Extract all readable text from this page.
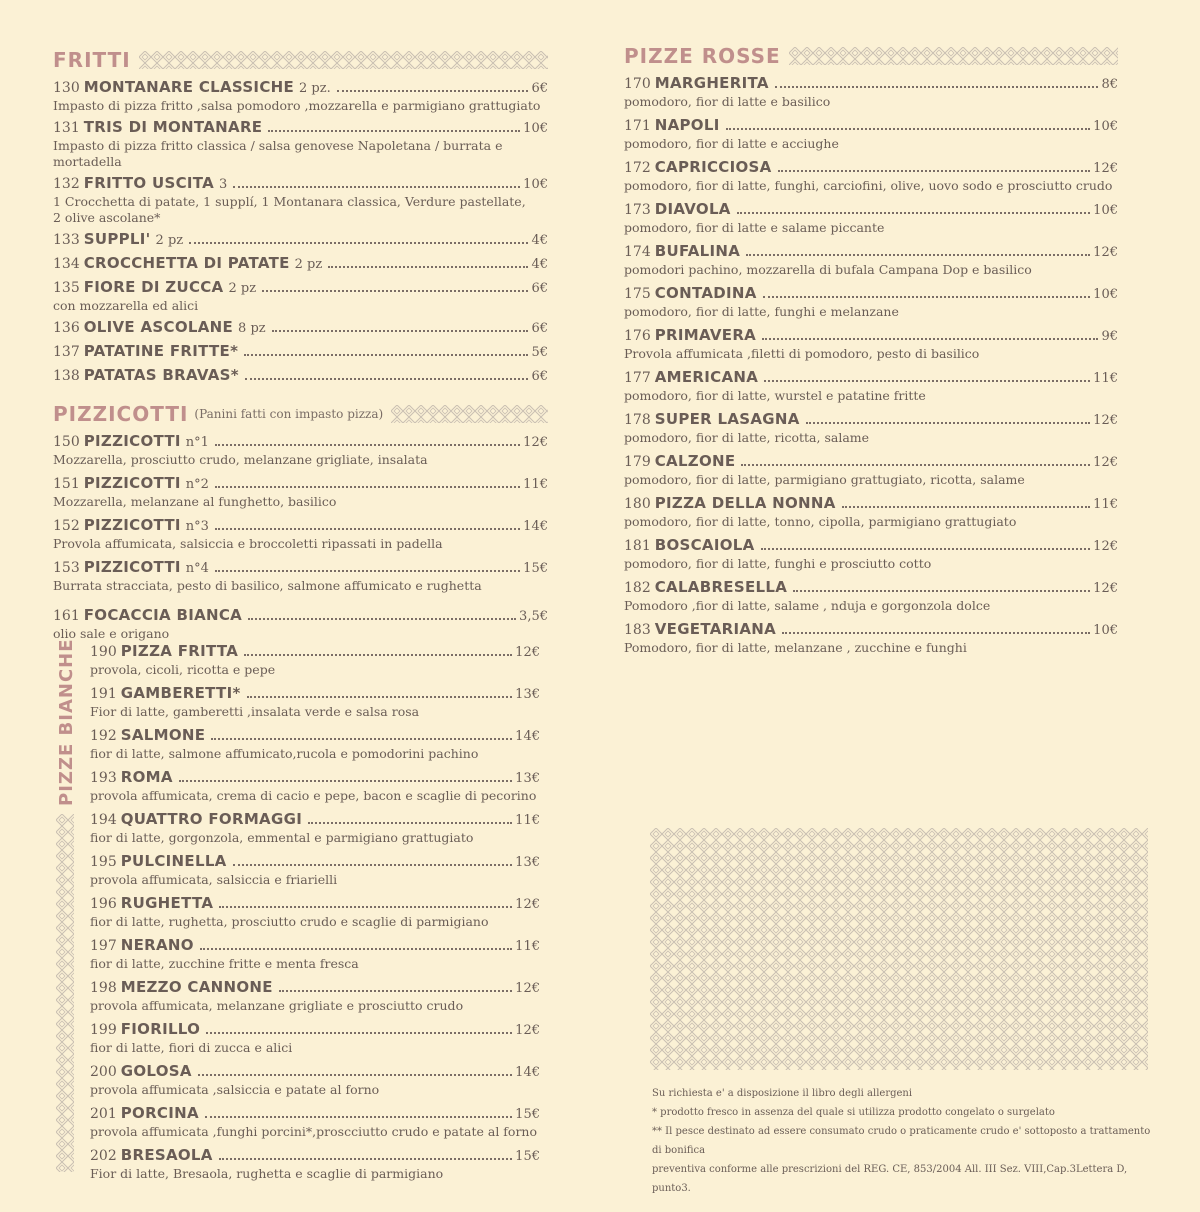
FRITTI
130 MONTANARE CLASSICHE 2 pz.	6€
Impasto di pizza fritto ,salsa pomodoro ,mozzarella e parmigiano grattugiato
131 TRIS DI MONTANARE	10€
Impasto di pizza fritto classica / salsa genovese Napoletana / burrata e mortadella
132 FRITTO USCITA 3	10€
1 Crocchetta di patate, 1 supplí, 1 Montanara classica, Verdure pastellate,
2 olive ascolane*
133 SUPPLI' 2 pz	4€
134 CROCCHETTA DI PATATE 2 pz	4€
135 FIORE DI ZUCCA 2 pz	6€
con mozzarella ed alici
136 OLIVE ASCOLANE 8 pz	6€
137 PATATINE FRITTE*	5€
138 PATATAS BRAVAS*	6€
PIZZICOTTI (Panini fatti con impasto pizza)
150 PIZZICOTTI n°1	12€
Mozzarella, prosciutto crudo, melanzane grigliate, insalata
151 PIZZICOTTI n°2	11€
Mozzarella, melanzane al funghetto, basilico
152 PIZZICOTTI n°3	14€
Provola affumicata, salsiccia e broccoletti ripassati in padella
153 PIZZICOTTI n°4	15€
Burrata stracciata, pesto di basilico, salmone affumicato e rughetta
161 FOCACCIA BIANCA	3,5€
olio sale e origano
PIZZE BIANCHE 190 PIZZA FRITTA	12€
provola, cicoli, ricotta e pepe
191 GAMBERETTI*	13€
Fior di latte, gamberetti ,insalata verde e salsa rosa
192 SALMONE	14€
fior di latte, salmone affumicato,rucola e pomodorini pachino
193 ROMA	13€
provola affumicata, crema di cacio e pepe, bacon e scaglie di pecorino
194 QUATTRO FORMAGGI	11€
fior di latte, gorgonzola, emmental e parmigiano grattugiato
195 PULCINELLA	13€
provola affumicata, salsiccia e friarielli
196 RUGHETTA	12€
fior di latte, rughetta, prosciutto crudo e scaglie di parmigiano
197 NERANO	11€
fior di latte, zucchine fritte e menta fresca
198 MEZZO CANNONE	12€
provola affumicata, melanzane grigliate e prosciutto crudo
199 FIORILLO	12€
fior di latte, fiori di zucca e alici
200 GOLOSA	14€
provola affumicata ,salsiccia e patate al forno
201 PORCINA	15€
provola affumicata ,funghi porcini*,proscciutto crudo e patate al forno
202 BRESAOLA	15€
Fior di latte, Bresaola, rughetta e scaglie di parmigiano
PIZZE ROSSE
170 MARGHERITA	8€
pomodoro, fior di latte e basilico
171 NAPOLI	10€
pomodoro, fior di latte e acciughe
172 CAPRICCIOSA	12€
pomodoro, fior di latte, funghi, carciofini, olive, uovo sodo e prosciutto crudo
173 DIAVOLA	10€
pomodoro, fior di latte e salame piccante
174 BUFALINA	12€
pomodori pachino, mozzarella di bufala Campana Dop e basilico
175 CONTADINA	10€
pomodoro, fior di latte, funghi e melanzane
176 PRIMAVERA	9€
Provola affumicata ,filetti di pomodoro, pesto di basilico
177 AMERICANA	11€
pomodoro, fior di latte, wurstel e patatine fritte
178 SUPER LASAGNA	12€
pomodoro, fior di latte, ricotta, salame
179 CALZONE	12€
pomodoro, fior di latte, parmigiano grattugiato, ricotta, salame
180 PIZZA DELLA NONNA	11€
pomodoro, fior di latte, tonno, cipolla, parmigiano grattugiato
181 BOSCAIOLA	12€
pomodoro, fior di latte, funghi e prosciutto cotto
182 CALABRESELLA	12€
Pomodoro ,fior di latte, salame , nduja e gorgonzola dolce
183 VEGETARIANA	10€
Pomodoro, fior di latte, melanzane , zucchine e funghi
Su richiesta e' a disposizione il libro degli allergeni
* prodotto fresco in assenza del quale si utilizza prodotto congelato o surgelato
** Il pesce destinato ad essere consumato crudo o praticamente crudo e' sottoposto a trattamento di bonifica
preventiva conforme alle prescrizioni del REG. CE, 853/2004 All. III Sez. VIII,Cap.3Lettera D, punto3.
